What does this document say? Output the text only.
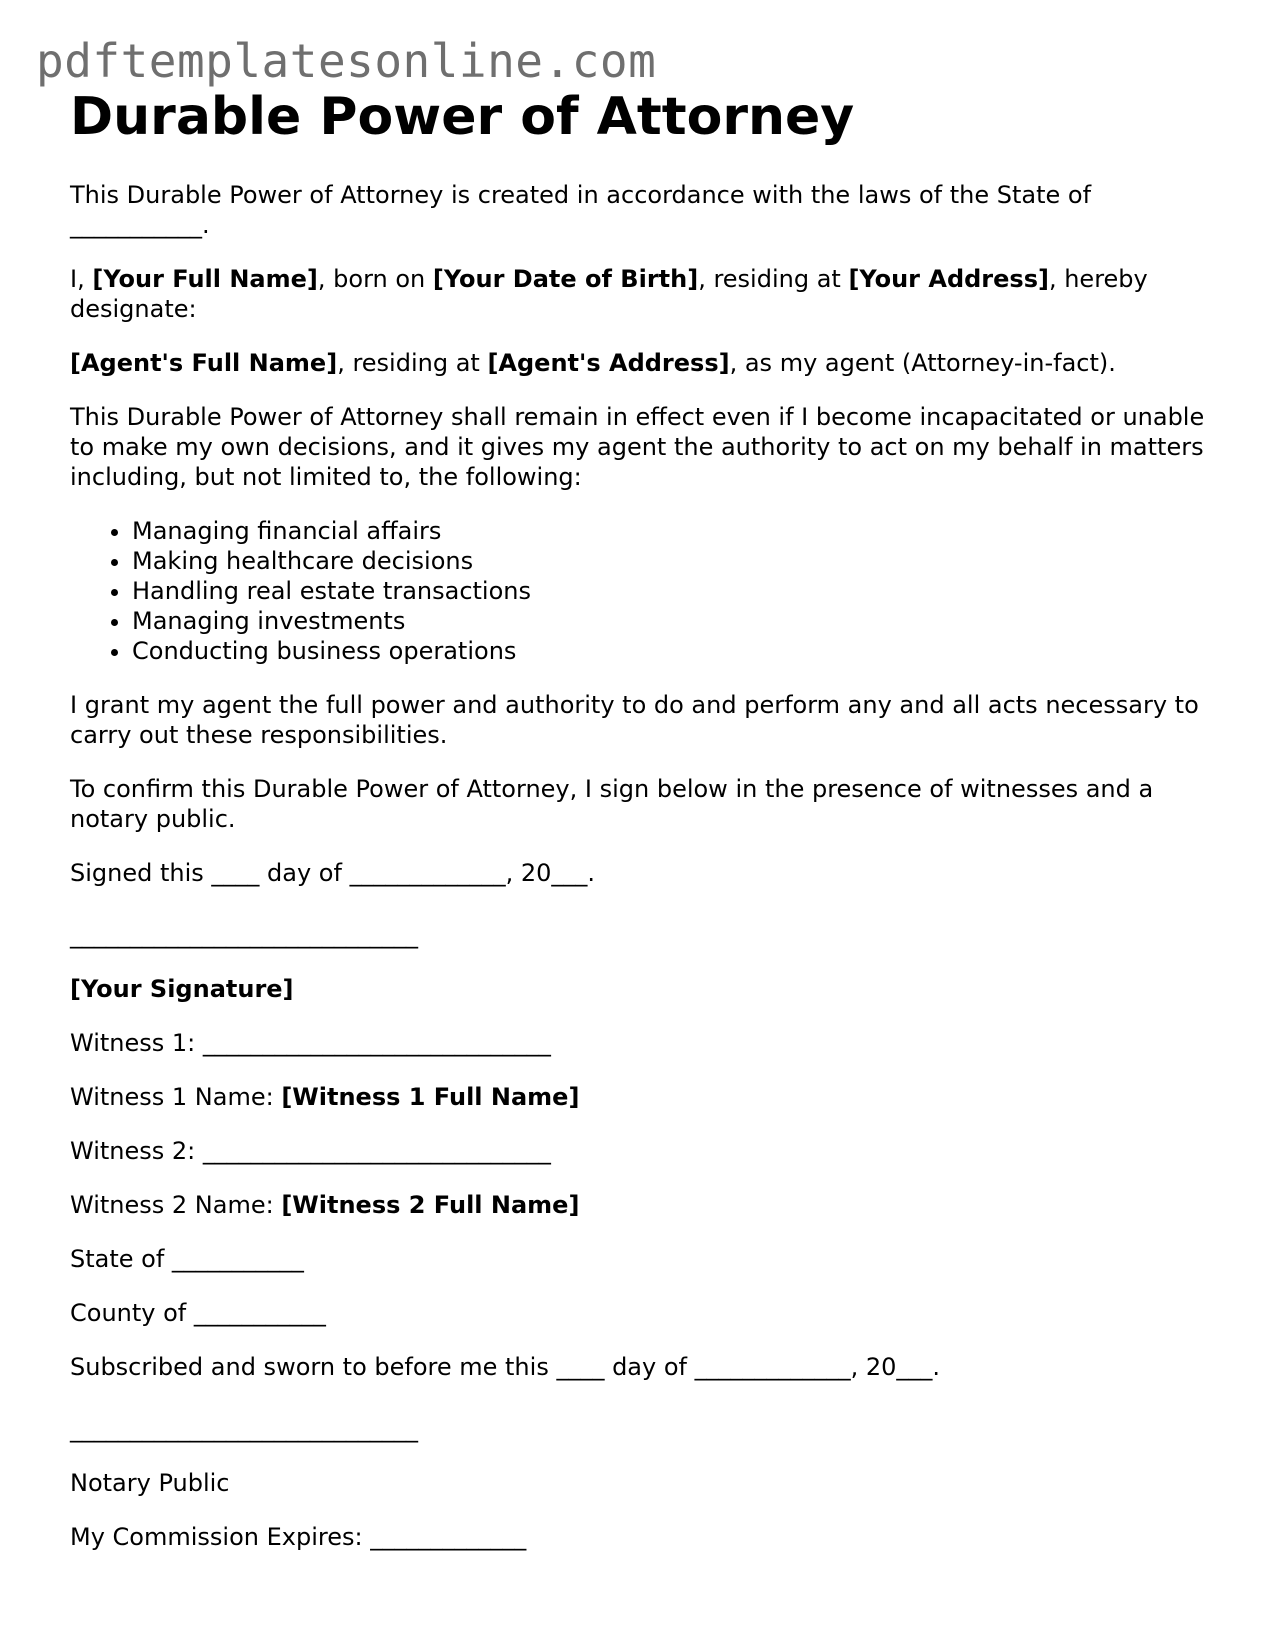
pdftemplatesonline.com
Durable Power of Attorney

This Durable Power of Attorney is created in accordance with the laws of the State of ___________.

I, [Your Full Name], born on [Your Date of Birth], residing at [Your Address], hereby designate:

[Agent's Full Name], residing at [Agent's Address], as my agent (Attorney-in-fact).

This Durable Power of Attorney shall remain in effect even if I become incapacitated or unable to make my own decisions, and it gives my agent the authority to act on my behalf in matters including, but not limited to, the following:

• Managing financial affairs
• Making healthcare decisions
• Handling real estate transactions
• Managing investments
• Conducting business operations

I grant my agent the full power and authority to do and perform any and all acts necessary to carry out these responsibilities.

To confirm this Durable Power of Attorney, I sign below in the presence of witnesses and a notary public.

Signed this ____ day of _____________, 20___.

_____________________________

[Your Signature]

Witness 1: _____________________________

Witness 1 Name: [Witness 1 Full Name]

Witness 2: _____________________________

Witness 2 Name: [Witness 2 Full Name]

State of ___________

County of ___________

Subscribed and sworn to before me this ____ day of _____________, 20___.

_____________________________

Notary Public

My Commission Expires: _____________
